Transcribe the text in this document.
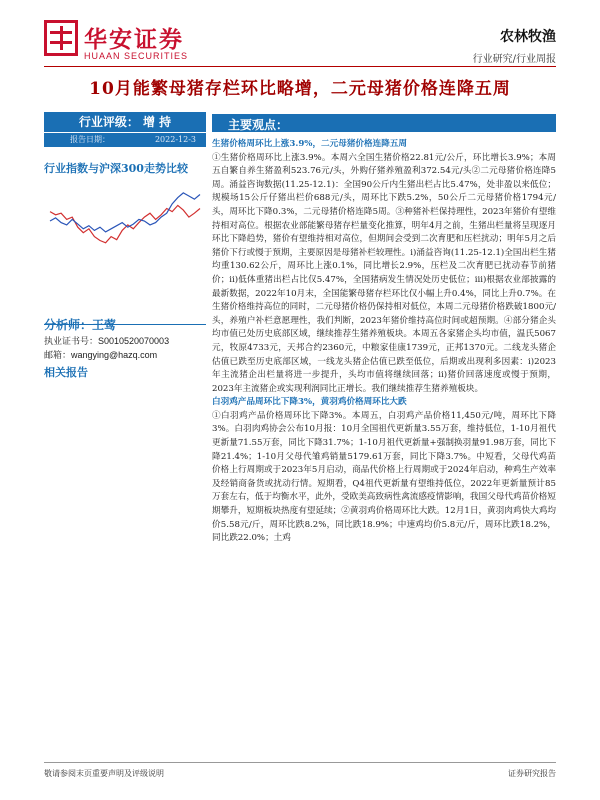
华安证券
HUAAN SECURITIES
农林牧渔
行业研究/行业周报
10月能繁母猪存栏环比略增，二元母猪价格连降五周
行业评级： 增 持
报告日期：	2022-12-3
行业指数与沪深300走势比较
分析师：王莺
执业证书号：S0010520070003
邮箱：wangying@hazq.com
相关报告
主要观点：

生猪价格周环比上涨3.9%，二元母猪价格连降五周

①生猪价格周环比上涨3.9%。本周六全国生猪价格22.81元/公斤，环比增长3.9%；本周五自繁自养生猪盈利523.76元/头，外购仔猪养殖盈利372.54元/头②二元母猪价格连降5周。涌益咨询数据(11.25-12.1)：全国90公斤内生猪出栏占比5.47%，处非盈以来低位；规模场15公斤仔猪出栏价688元/头，周环比下跌5.2%，50公斤二元母猪价格1794元/头，周环比下降0.3%，二元母猪价格连降5周。③种猪补栏保持理性，2023年猪价有望维持相对高位。根据农业部能繁母猪存栏量变化推算，明年4月之前，生猪出栏量将呈现逐月环比下降趋势，猪价有望维持相对高位，但期间会受到二次育肥和压栏扰动；明年5月之后猪价下行或慢于预期，主要原因是母猪补栏较理性。i)涌益咨询(11.25-12.1)全国出栏生猪均重130.62公斤，周环比上涨0.1%，同比增长2.9%，压栏及二次育肥已扰动春节前猪价；ii)低体重猪出栏占比仅5.47%，全国猪病发生情况处历史低位；iii)根据农业部披露的最新数据，2022年10月末，全国能繁母猪存栏环比仅小幅上升0.4%，同比上升0.7%。在生猪价格维持高位的同时，二元母猪价格仍保持相对低位，本周二元母猪价格跌破1800元/头，养殖户补栏意愿理性，我们判断，2023年猪价维持高位时间或超预期。④部分猪企头均市值已处历史底部区域，继续推荐生猪养殖板块。本周五各家猪企头均市值，温氏5067元，牧原4733元，天邦合约2360元，中粮家佳康1739元，正邦1370元。二线龙头猪企估值已跌至历史底部区域，一线龙头猪企估值已跌至低位，后期或出现利多因素：i)2023年主流猪企出栏量将进一步提升，头均市值将继续回落；ii)猪价回落速度或慢于预期，2023年主流猪企或实现利润同比正增长。我们继续推荐生猪养殖板块。

白羽鸡产品周环比下降3%，黄羽鸡价格周环比大跌

①白羽鸡产品价格周环比下降3%。本周五，白羽鸡产品价格11,450元/吨，周环比下降3%。白羽肉鸡协会公布10月报：10月全国祖代更新量3.55万套，维持低位，1-10月祖代更新量71.55万套，同比下降31.7%；1-10月祖代更新量+强制换羽量91.98万套，同比下降21.4%；1-10月父母代雏鸡销量5179.61万套，同比下降3.7%。中短看，父母代鸡苗价格上行周期或于2023年5月启动，商品代价格上行周期或于2024年启动，种鸡生产效率及经销商备货或扰动行情。短期看，Q4祖代更新量有望维持低位，2022年更新量预计85万套左右，低于均衡水平，此外，受欧美高致病性禽流感疫情影响，我国父母代鸡苗价格短期攀升，短期板块热度有望延续；②黄羽鸡价格周环比大跌。12月1日，黄羽肉鸡快大鸡均价5.58元/斤，周环比跌8.2%，同比跌18.9%；中速鸡均价5.8元/斤，周环比跌18.2%，同比跌22.0%；土鸡

敬请参阅末页重要声明及评级说明	证券研究报告
